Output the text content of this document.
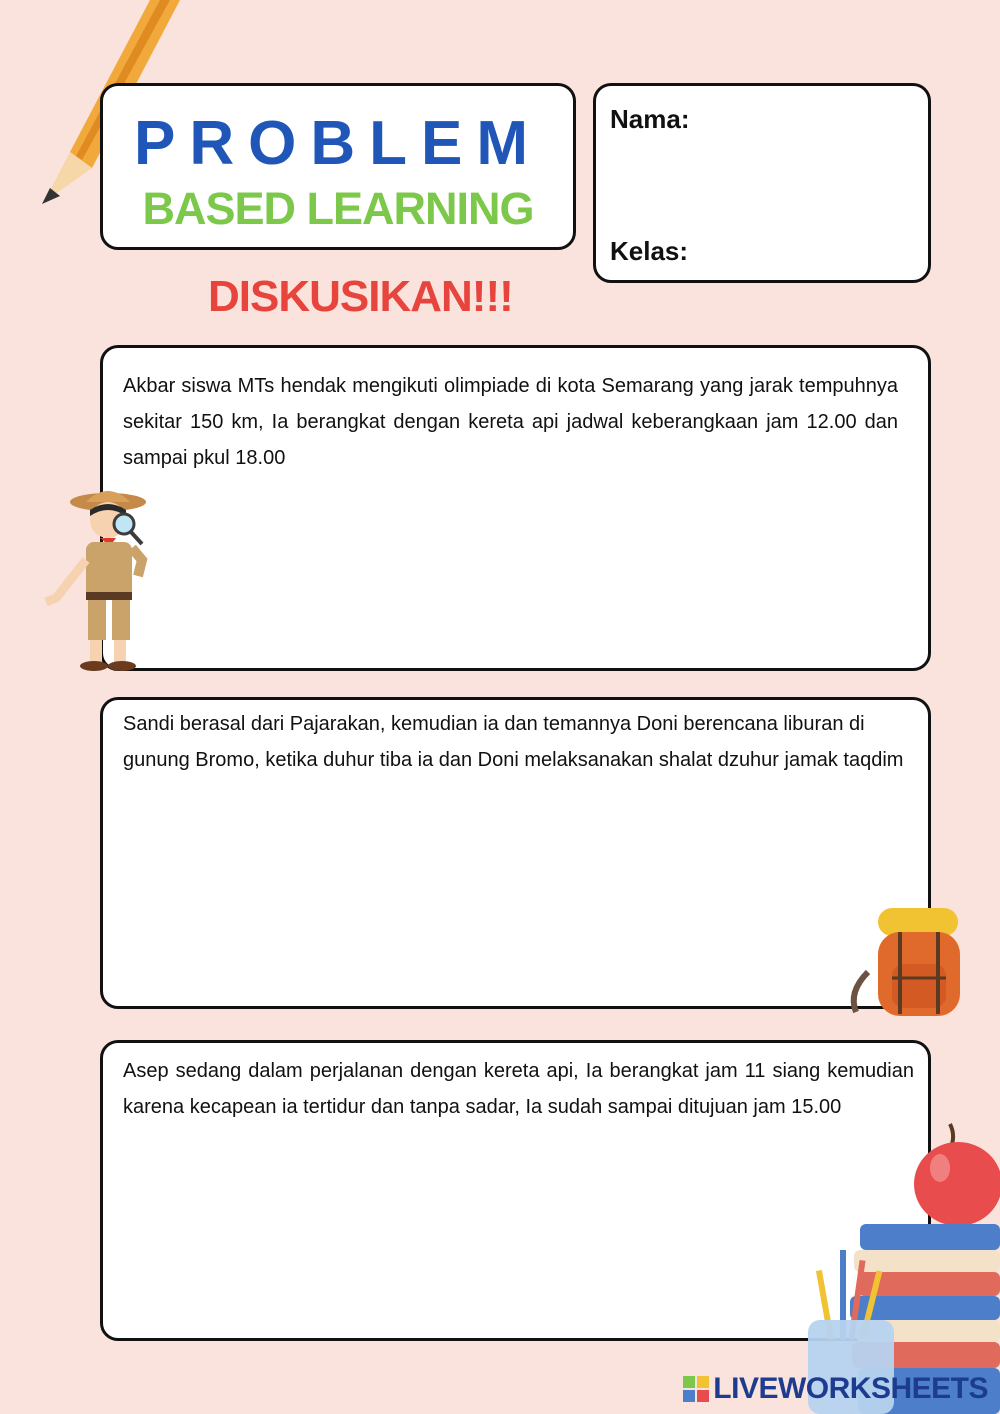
PROBLEM
BASED LEARNING
Nama:
Kelas:
DISKUSIKAN!!!

Akbar siswa MTs hendak mengikuti olimpiade di kota Semarang yang jarak tempuhnya sekitar 150 km, Ia berangkat dengan kereta api jadwal keberangkaan jam 12.00 dan sampai pkul 18.00

Sandi berasal dari Pajarakan, kemudian ia dan temannya Doni berencana liburan di gunung Bromo, ketika duhur tiba ia dan Doni melaksanakan shalat dzuhur jamak taqdim

Asep sedang dalam perjalanan dengan kereta api, Ia berangkat jam 11 siang kemudian karena kecapean ia tertidur dan tanpa sadar, Ia sudah sampai ditujuan jam 15.00

LIVEWORKSHEETS
